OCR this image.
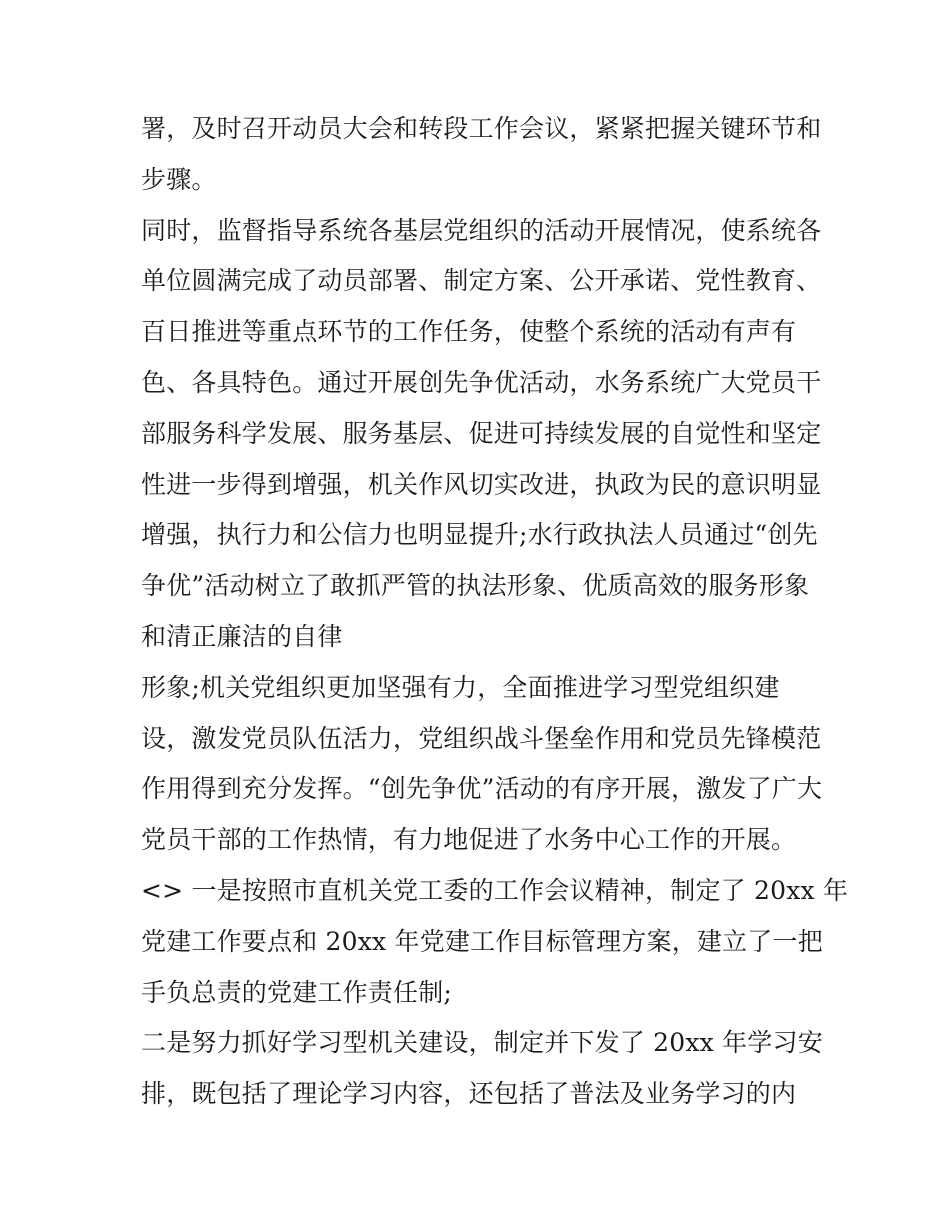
署，及时召开动员大会和转段工作会议，紧紧把握关键环节和
步骤。
同时，监督指导系统各基层党组织的活动开展情况，使系统各
单位圆满完成了动员部署、制定方案、公开承诺、党性教育、
百日推进等重点环节的工作任务，使整个系统的活动有声有
色、各具特色。通过开展创先争优活动，水务系统广大党员干
部服务科学发展、服务基层、促进可持续发展的自觉性和坚定
性进一步得到增强，机关作风切实改进，执政为民的意识明显
增强，执行力和公信力也明显提升;水行政执法人员通过“创先
争优”活动树立了敢抓严管的执法形象、优质高效的服务形象
和清正廉洁的自律
形象;机关党组织更加坚强有力，全面推进学习型党组织建
设，激发党员队伍活力，党组织战斗堡垒作用和党员先锋模范
作用得到充分发挥。“创先争优”活动的有序开展，激发了广大
党员干部的工作热情，有力地促进了水务中心工作的开展。
<> 一是按照市直机关党工委的工作会议精神，制定了 20xx 年
党建工作要点和 20xx 年党建工作目标管理方案，建立了一把
手负总责的党建工作责任制;
二是努力抓好学习型机关建设，制定并下发了 20xx 年学习安
排，既包括了理论学习内容，还包括了普法及业务学习的内
